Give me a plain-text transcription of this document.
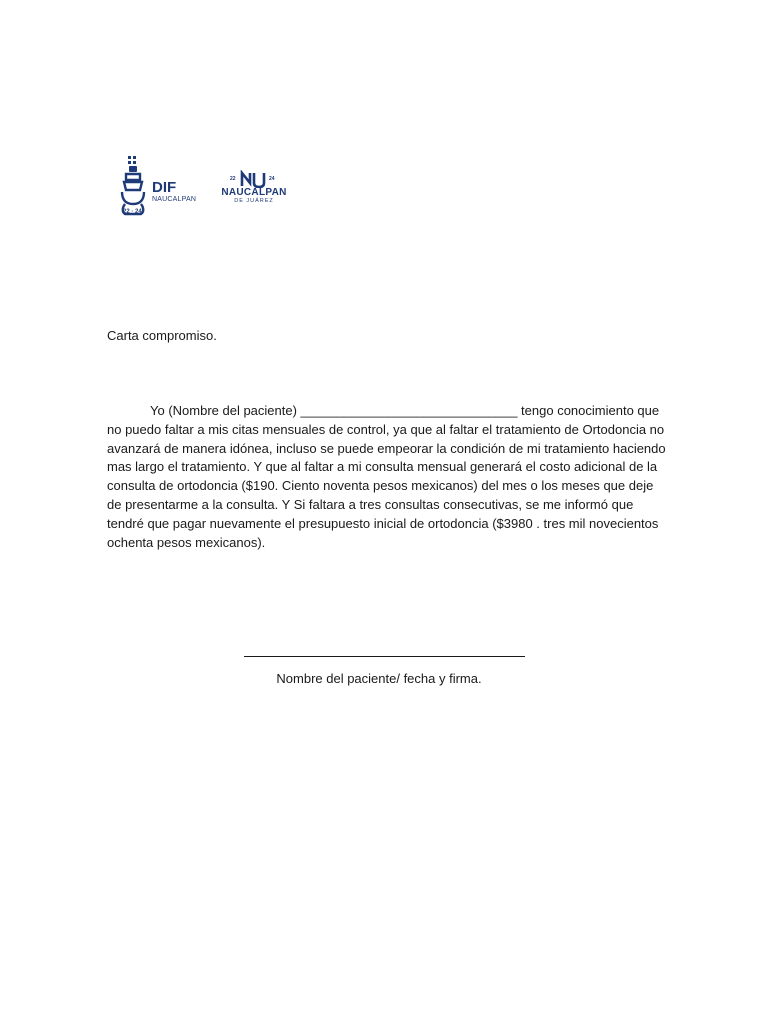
DIF
NAUCALPAN
22 · 24
22	24
NAUCALPAN
DE JUÁREZ
Carta compromiso.

Yo (Nombre del paciente) ______________________________ tengo conocimiento que no puedo faltar a mis citas mensuales de control, ya que al faltar el tratamiento de Ortodoncia no avanzará de manera idónea, incluso se puede empeorar la condición de mi tratamiento haciendo mas largo el tratamiento. Y que al faltar a mi consulta mensual generará el costo adicional de la consulta de ortodoncia ($190. Ciento noventa pesos mexicanos) del mes o los meses que deje de presentarme a la consulta. Y Si faltara a tres consultas consecutivas, se me informó que tendré que pagar nuevamente el presupuesto inicial de ortodoncia ($3980 . tres mil novecientos ochenta pesos mexicanos).

Nombre del paciente/ fecha y firma.
